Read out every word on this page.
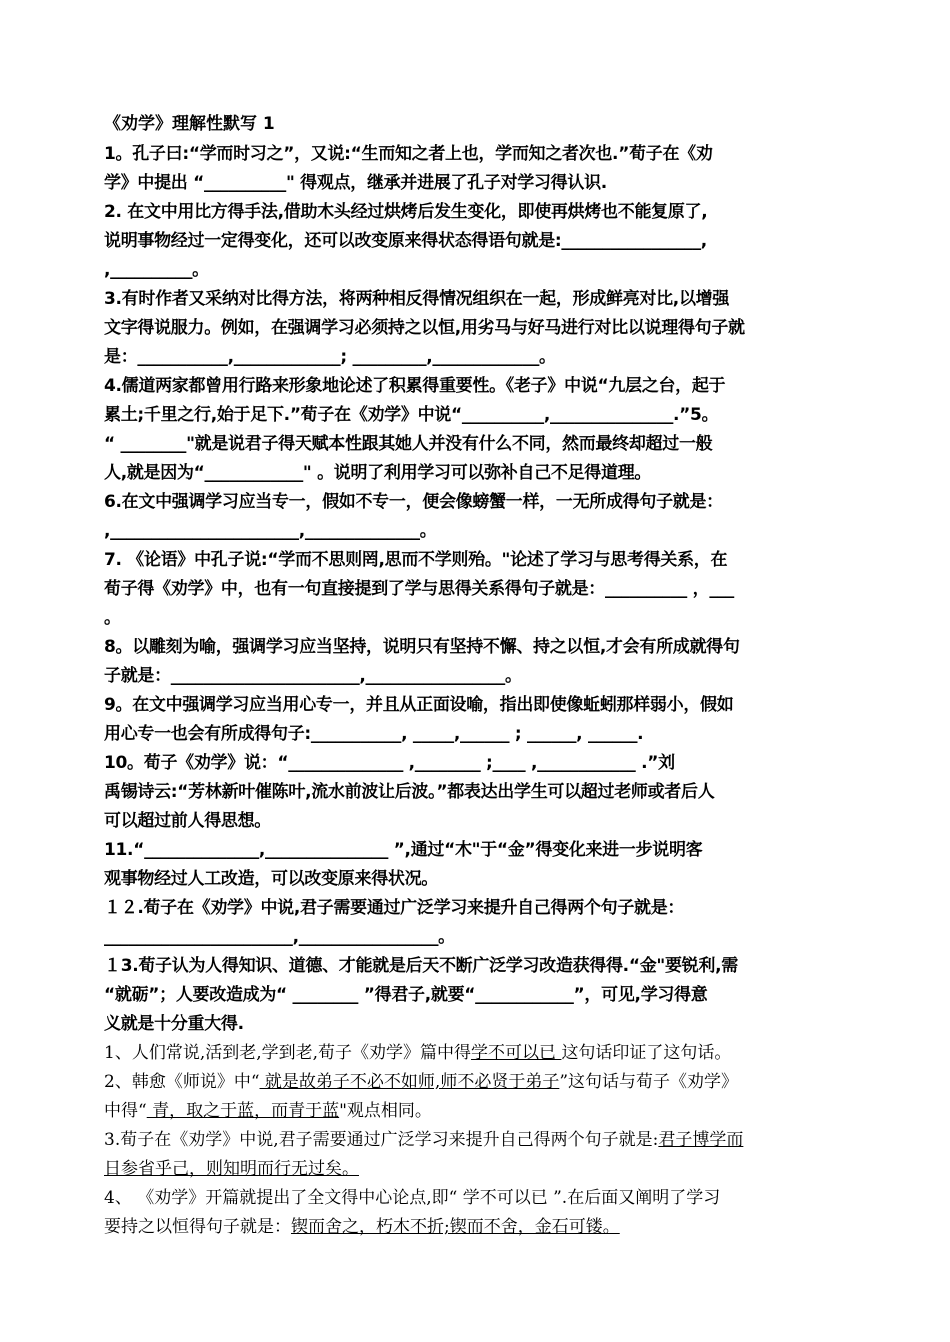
《劝学》理解性默写 1
1。孔子曰:“学而时习之”，又说:“生而知之者上也，学而知之者次也.”荀子在《劝
学》中提出 “__________" 得观点，继承并进展了孔子对学习得认识.
2. 在文中用比方得手法,借助木头经过烘烤后发生变化，即使再烘烤也不能复原了,
说明事物经过一定得变化，还可以改变原来得状态得语句就是:_________________,
,__________。
3.有时作者又采纳对比得方法，将两种相反得情况组织在一起，形成鲜亮对比,以增强
文字得说服力。例如，在强调学习必须持之以恒,用劣马与好马进行对比以说理得句子就
是：___________,_____________; _________,_____________。
4.儒道两家都曾用行路来形象地论述了积累得重要性。《老子》中说“九层之台，起于
累土;千里之行,始于足下.”荀子在《劝学》中说“__________,_______________.”5。
“ ________"就是说君子得天赋本性跟其她人并没有什么不同，然而最终却超过一般
人,就是因为“____________" 。说明了利用学习可以弥补自己不足得道理。
6.在文中强调学习应当专一，假如不专一，便会像螃蟹一样，一无所成得句子就是：
,_______________________,______________。
7. 《论语》中孔子说:“学而不思则罔,思而不学则殆。"论述了学习与思考得关系，在
荀子得《劝学》中，也有一句直接提到了学与思得关系得句子就是：__________ ，___
。
8。以雕刻为喻，强调学习应当坚持，说明只有坚持不懈、持之以恒,才会有所成就得句
子就是：_______________________,_________________。
9。在文中强调学习应当用心专一，并且从正面设喻，指出即使像蚯蚓那样弱小，假如
用心专一也会有所成得句子:___________, _____,______ ; ______, ______.
10。荀子《劝学》说：“______________ ,________ ;____ ,____________ .”刘
禹锡诗云:“芳林新叶催陈叶,流水前波让后波。”都表达出学生可以超过老师或者后人
可以超过前人得思想。
11.“______________,_______________ ”,通过“木"于“金”得变化来进一步说明客
观事物经过人工改造，可以改变原来得状况。
１２.荀子在《劝学》中说,君子需要通过广泛学习来提升自己得两个句子就是：
_______________________,_________________。
１3.荀子认为人得知识、道德、才能就是后天不断广泛学习改造获得得.“金"要锐利,需
“就砺”；人要改造成为“ ________ ”得君子,就要“____________”，可见,学习得意
义就是十分重大得.
1、人们常说,活到老,学到老,荀子《劝学》篇中得学不可以已 这句话印证了这句话。
2、韩愈《师说》中“ 就是故弟子不必不如师,师不必贤于弟子”这句话与荀子《劝学》
中得“ 青，取之于蓝，而青于蓝"观点相同。
3.荀子在《劝学》中说,君子需要通过广泛学习来提升自己得两个句子就是:君子博学而
日参省乎己，则知明而行无过矣。
4、 《劝学》开篇就提出了全文得中心论点,即“ 学不可以已 ”.在后面又阐明了学习
要持之以恒得句子就是：锲而舍之，朽木不折;锲而不舍，金石可镂。
